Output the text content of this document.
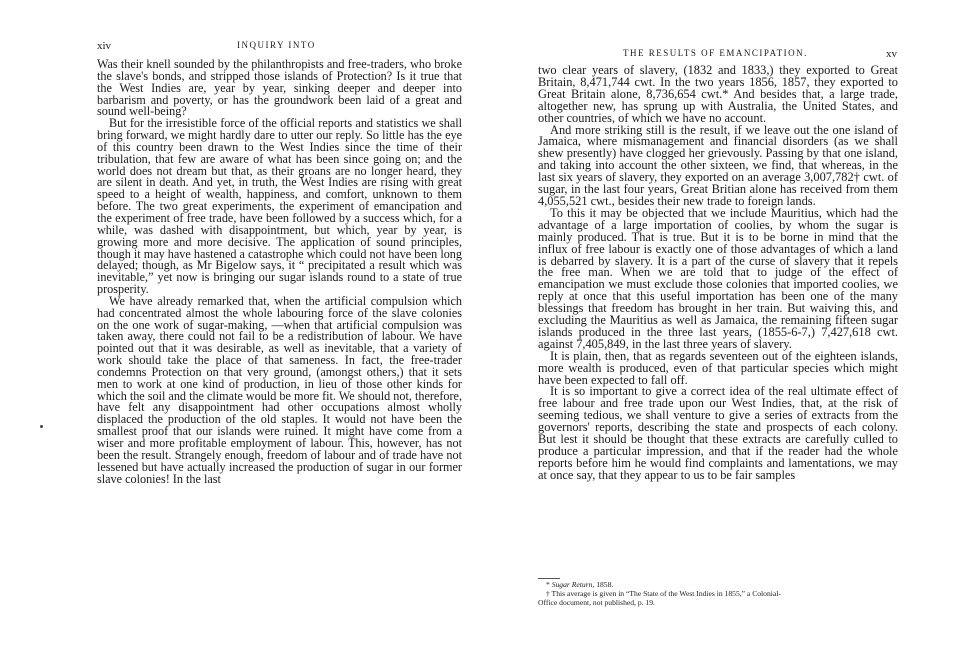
xiv	INQUIRY INTO

Was their knell sounded by the philanthropists and free-traders, who broke the slave's bonds, and stripped those islands of Protection? Is it true that the West Indies are, year by year, sinking deeper and deeper into barbarism and poverty, or has the groundwork been laid of a great and sound well-being?

But for the irresistible force of the official reports and statistics we shall bring forward, we might hardly dare to utter our reply. So little has the eye of this country been drawn to the West Indies since the time of their tribulation, that few are aware of what has been since going on; and the world does not dream but that, as their groans are no longer heard, they are silent in death. And yet, in truth, the West Indies are rising with great speed to a height of wealth, happiness, and comfort, unknown to them before. The two great experiments, the experiment of emancipation and the experiment of free trade, have been followed by a success which, for a while, was dashed with disappointment, but which, year by year, is growing more and more decisive. The application of sound principles, though it may have hastened a catastrophe which could not have been long delayed; though, as Mr Bigelow says, it “ precipitated a result which was inevitable,” yet now is bringing our sugar islands round to a state of true prosperity.

We have already remarked that, when the artificial compulsion which had concentrated almost the whole labouring force of the slave colonies on the one work of sugar-making, —when that artificial compulsion was taken away, there could not fail to be a redistribution of labour. We have pointed out that it was desirable, as well as inevitable, that a variety of work should take the place of that sameness. In fact, the free-trader condemns Protection on that very ground, (amongst others,) that it sets men to work at one kind of production, in lieu of those other kinds for which the soil and the climate would be more fit. We should not, therefore, have felt any disappointment had other occupations almost wholly displaced the production of the old staples. It would not have been the smallest proof that our islands were ruined. It might have come from a wiser and more profitable employment of labour. This, however, has not been the result. Strangely enough, freedom of labour and of trade have not lessened but have actually increased the production of sugar in our former slave colonies! In the last

THE RESULTS OF EMANCIPATION.	xv

two clear years of slavery, (1832 and 1833,) they exported to Great Britain, 8,471,744 cwt. In the two years 1856, 1857, they exported to Great Britain alone, 8,736,654 cwt.* And besides that, a large trade, altogether new, has sprung up with Australia, the United States, and other countries, of which we have no account.

And more striking still is the result, if we leave out the one island of Jamaica, where mismanagement and financial disorders (as we shall shew presently) have clogged her grievously. Passing by that one island, and taking into account the other sixteen, we find, that whereas, in the last six years of slavery, they exported on an average 3,007,782† cwt. of sugar, in the last four years, Great Britian alone has received from them 4,055,521 cwt., besides their new trade to foreign lands.

To this it may be objected that we include Mauritius, which had the advantage of a large importation of coolies, by whom the sugar is mainly produced. That is true. But it is to be borne in mind that the influx of free labour is exactly one of those advantages of which a land is debarred by slavery. It is a part of the curse of slavery that it repels the free man. When we are told that to judge of the effect of emancipation we must exclude those colonies that imported coolies, we reply at once that this useful importation has been one of the many blessings that freedom has brought in her train. But waiving this, and excluding the Mauritius as well as Jamaica, the remaining fifteen sugar islands produced in the three last years, (1855-6-7,) 7,427,618 cwt. against 7,405,849, in the last three years of slavery.

It is plain, then, that as regards seventeen out of the eighteen islands, more wealth is produced, even of that particular species which might have been expected to fall off.

It is so important to give a correct idea of the real ultimate effect of free labour and free trade upon our West Indies, that, at the risk of seeming tedious, we shall venture to give a series of extracts from the governors' reports, describing the state and prospects of each colony. But lest it should be thought that these extracts are carefully culled to produce a particular impression, and that if the reader had the whole reports before him he would find complaints and lamentations, we may at once say, that they appear to us to be fair samples

* Sugar Return, 1858.
† This average is given in “The State of the West Indies in 1855,” a Colonial-
Office document, not published, p. 19.
